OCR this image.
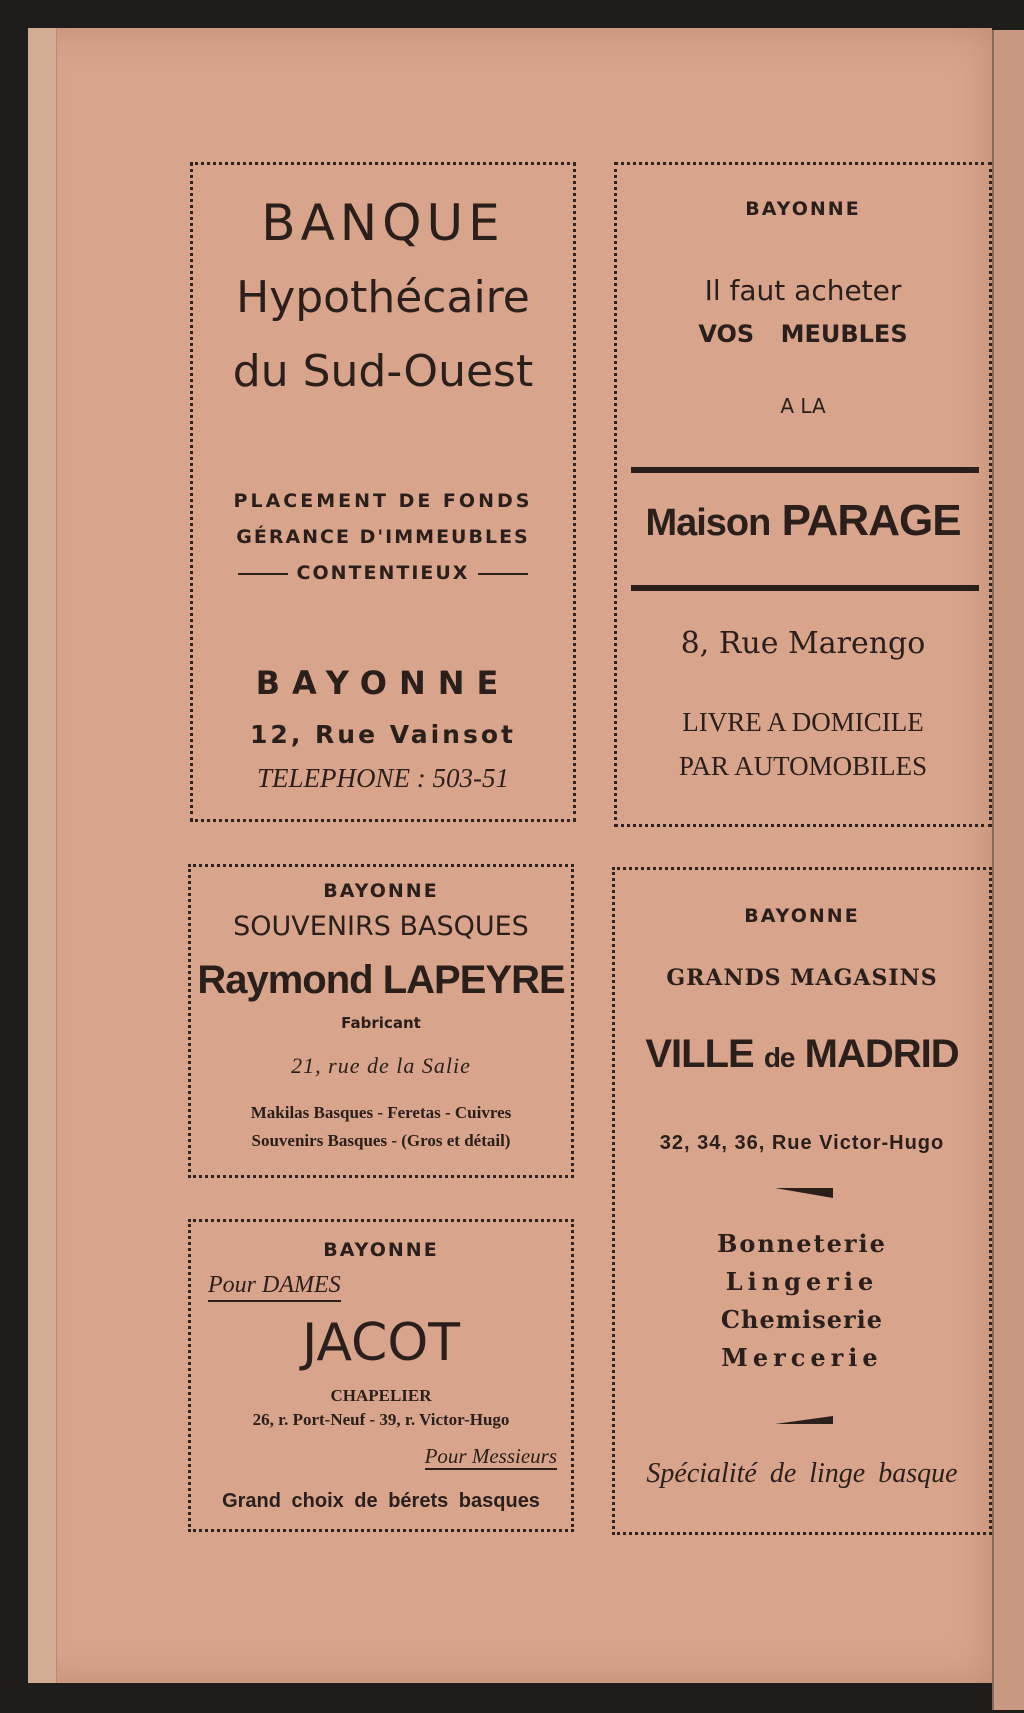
BANQUE
Hypothécaire
du Sud-Ouest
PLACEMENT DE FONDS
GÉRANCE D'IMMEUBLES
CONTENTIEUX
BAYONNE
12, Rue Vainsot
TELEPHONE : 503-51
BAYONNE
Il faut acheter
VOS MEUBLES
A LA
Maison PARAGE
8, Rue Marengo
LIVRE A DOMICILE
PAR AUTOMOBILES
BAYONNE
SOUVENIRS BASQUES
Raymond LAPEYRE
Fabricant
21, rue de la Salie
Makilas Basques - Feretas - Cuivres
Souvenirs Basques - (Gros et détail)
BAYONNE
Pour DAMES
JACOT
CHAPELIER
26, r. Port-Neuf - 39, r. Victor-Hugo
Pour Messieurs
Grand choix de bérets basques
BAYONNE
GRANDS MAGASINS
VILLE de MADRID
32, 34, 36, Rue Victor-Hugo
Bonneterie
Lingerie
Chemiserie
Mercerie
Spécialité de linge basque
